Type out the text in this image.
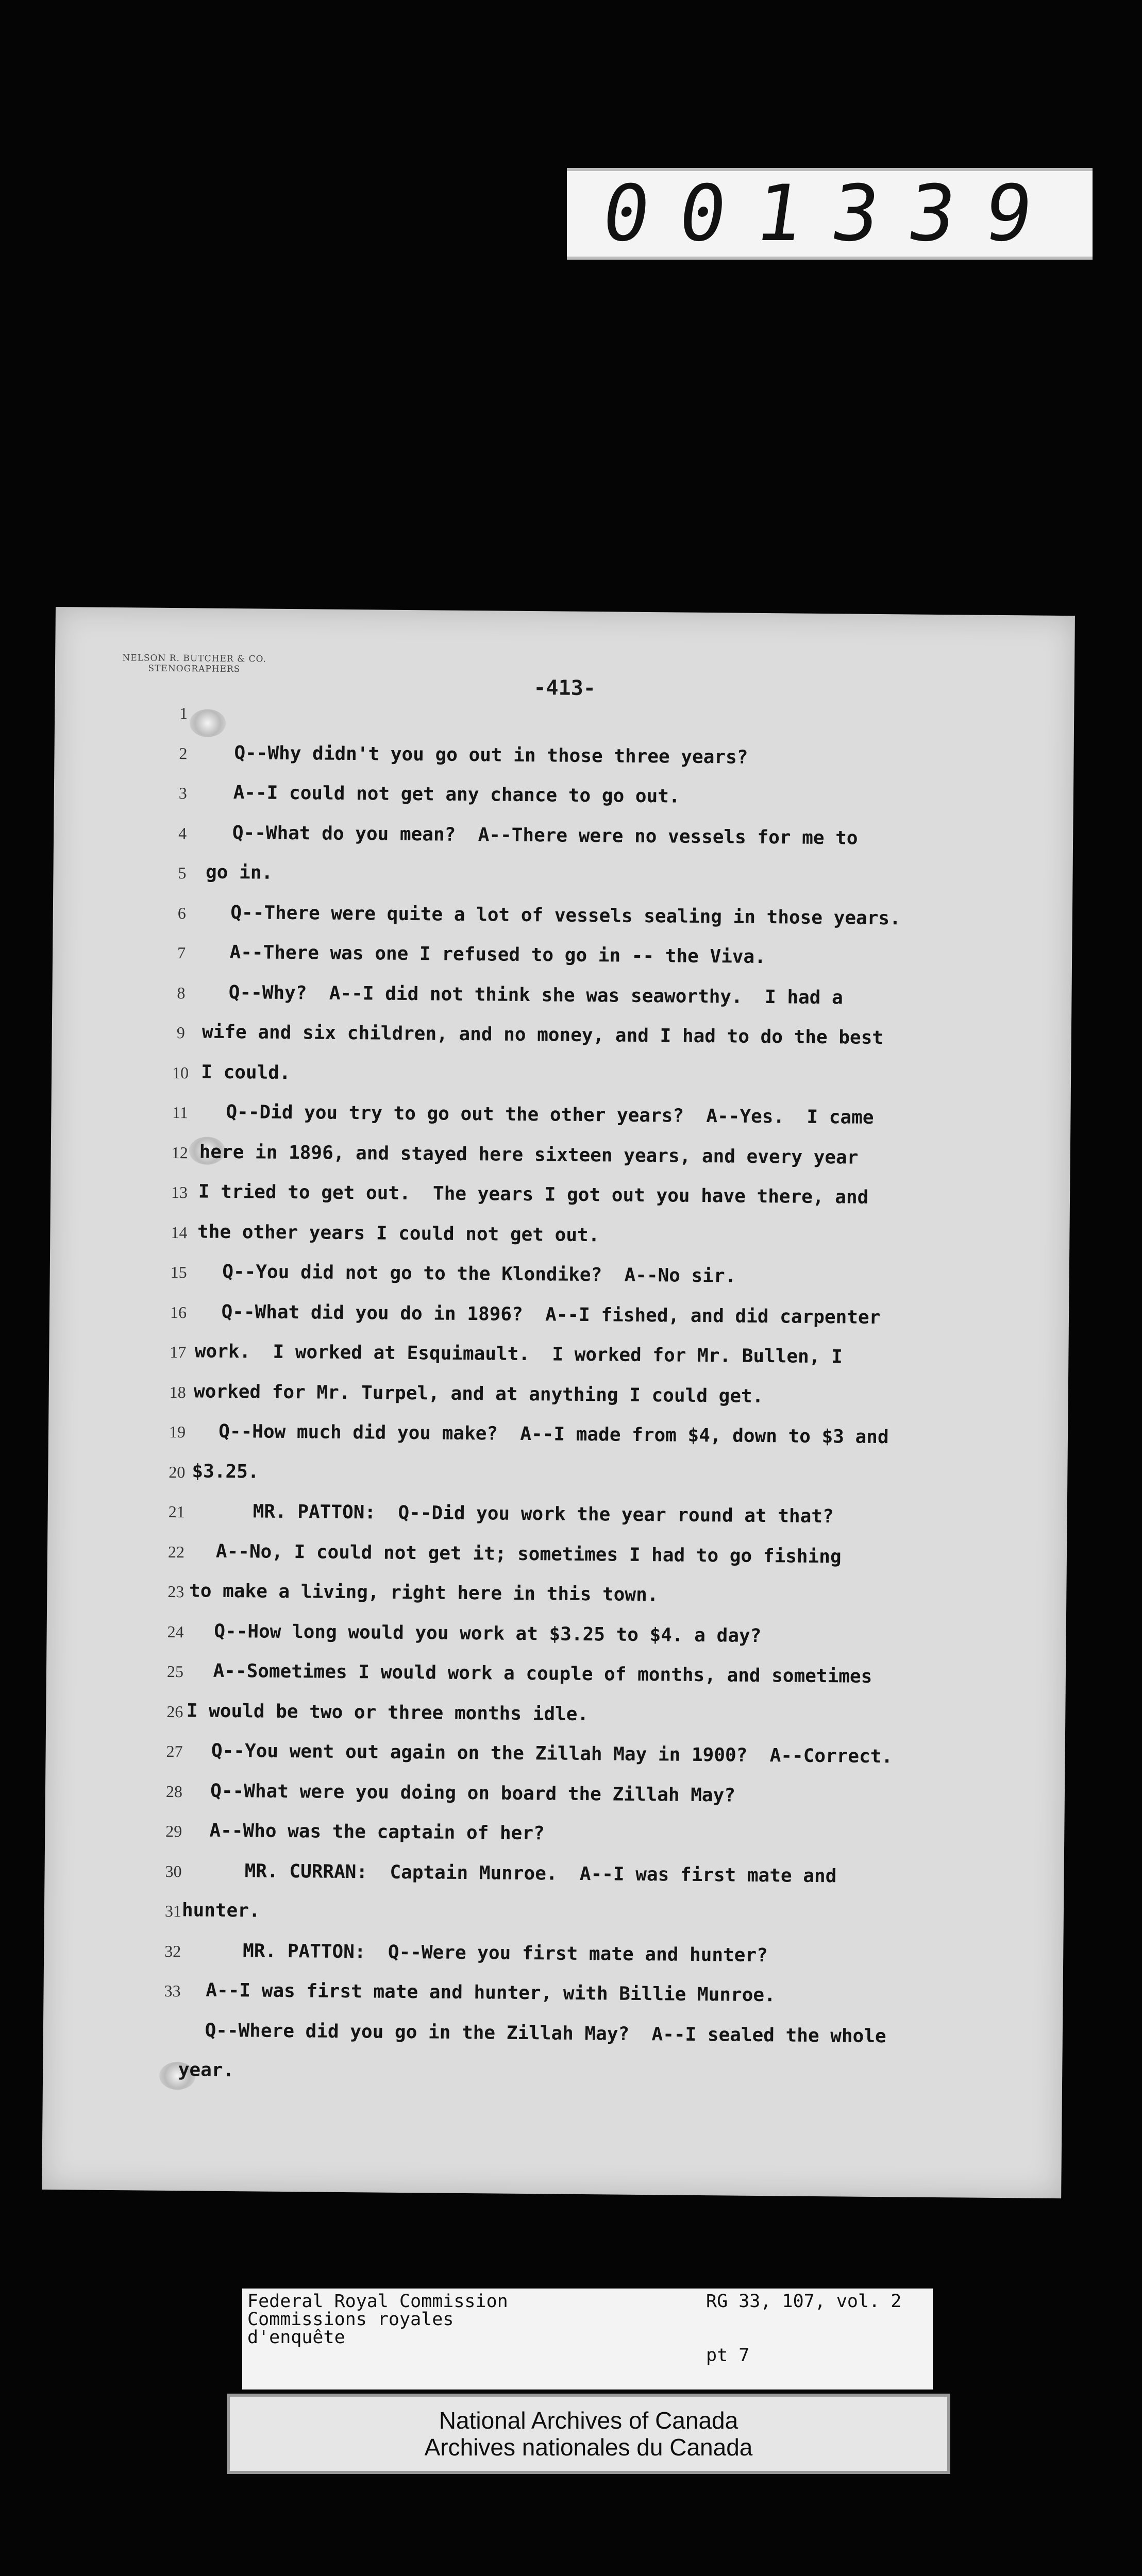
001339
NELSON R. BUTCHER & CO.
STENOGRAPHERS
-413-
1
2	Q--Why didn't you go out in those three years?
3	A--I could not get any chance to go out.
4	Q--What do you mean?  A--There were no vessels for me to
5	go in.
6	Q--There were quite a lot of vessels sealing in those years.
7	A--There was one I refused to go in -- the Viva.
8	Q--Why?  A--I did not think she was seaworthy.  I had a
9 wife and six children, and no money, and I had to do the best
10 I could.
11	Q--Did you try to go out the other years?  A--Yes.  I came
12 here in 1896, and stayed here sixteen years, and every year
13 I tried to get out.  The years I got out you have there, and
14 the other years I could not get out.
15	Q--You did not go to the Klondike?  A--No sir.
16	Q--What did you do in 1896?  A--I fished, and did carpenter
17 work.  I worked at Esquimault.  I worked for Mr. Bullen, I
18 worked for Mr. Turpel, and at anything I could get.
19	Q--How much did you make?  A--I made from $4, down to $3 and
20 $3.25.
21	MR. PATTON:  Q--Did you work the year round at that?
22	A--No, I could not get it; sometimes I had to go fishing
23 to make a living, right here in this town.
24	Q--How long would you work at $3.25 to $4. a day?
25	A--Sometimes I would work a couple of months, and sometimes
26 I would be two or three months idle.
27	Q--You went out again on the Zillah May in 1900?  A--Correct.
28	Q--What were you doing on board the Zillah May?
29	A--Who was the captain of her?
30	MR. CURRAN:  Captain Munroe.  A--I was first mate and
31 hunter.
32	MR. PATTON:  Q--Were you first mate and hunter?
33	A--I was first mate and hunter, with Billie Munroe.
Q--Where did you go in the Zillah May?  A--I sealed the whole
year.
Federal Royal Commission
Commissions royales
d'enquête
RG 33, 107, vol. 2
pt 7
National Archives of Canada
Archives nationales du Canada
